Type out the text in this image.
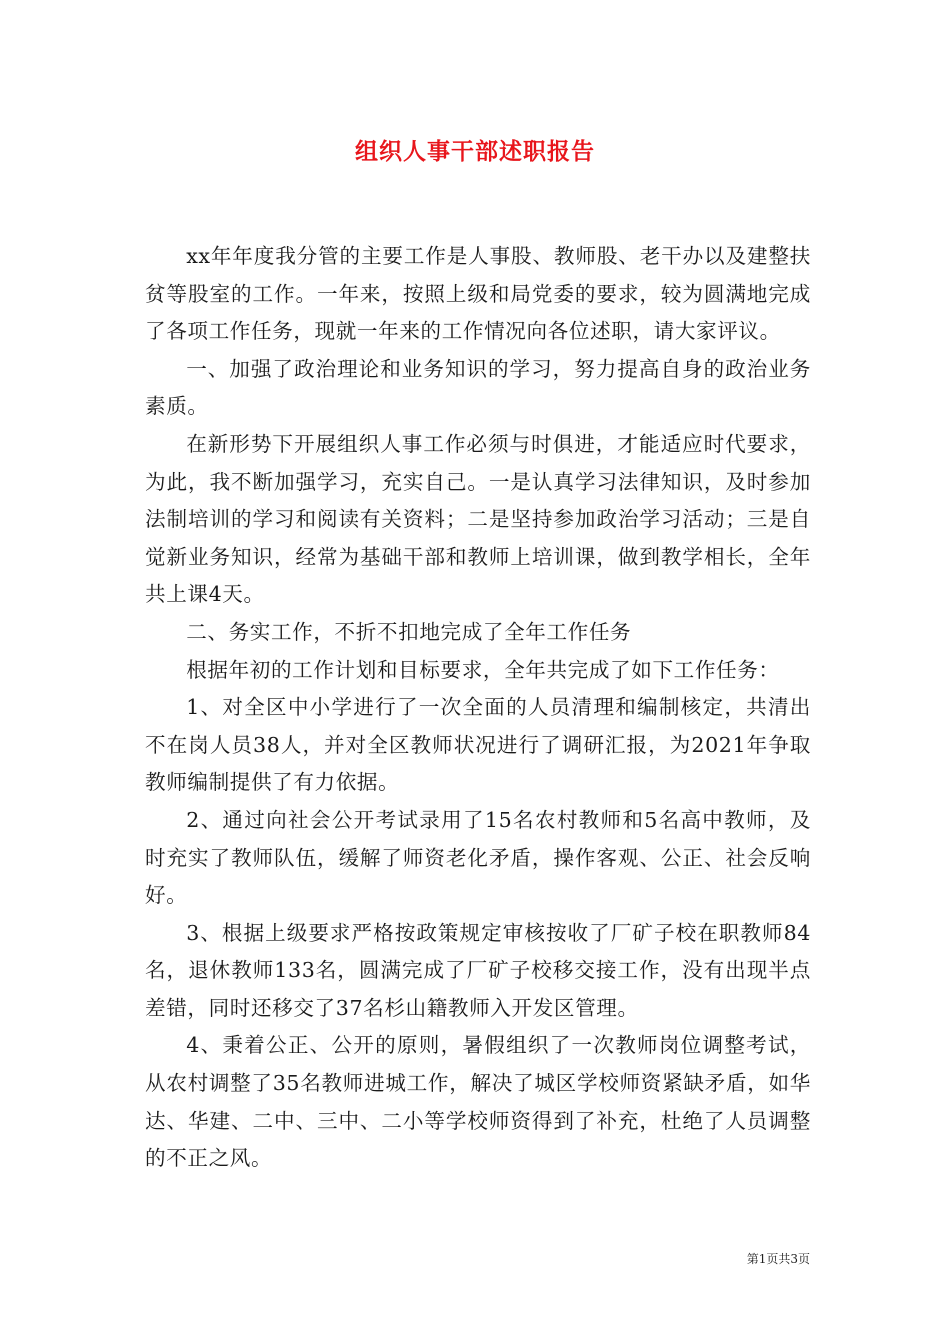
组织人事干部述职报告

xx年年度我分管的主要工作是人事股、教师股、老干办以及建整扶贫等股室的工作。一年来，按照上级和局党委的要求，较为圆满地完成了各项工作任务，现就一年来的工作情况向各位述职，请大家评议。

一、加强了政治理论和业务知识的学习，努力提高自身的政治业务素质。

在新形势下开展组织人事工作必须与时俱进，才能适应时代要求，为此，我不断加强学习，充实自己。一是认真学习法律知识，及时参加法制培训的学习和阅读有关资料；二是坚持参加政治学习活动；三是自觉新业务知识，经常为基础干部和教师上培训课，做到教学相长，全年共上课4天。

二、务实工作，不折不扣地完成了全年工作任务

根据年初的工作计划和目标要求，全年共完成了如下工作任务：

1、对全区中小学进行了一次全面的人员清理和编制核定，共清出不在岗人员38人，并对全区教师状况进行了调研汇报，为2021年争取教师编制提供了有力依据。

2、通过向社会公开考试录用了15名农村教师和5名高中教师，及时充实了教师队伍，缓解了师资老化矛盾，操作客观、公正、社会反响好。

3、根据上级要求严格按政策规定审核按收了厂矿子校在职教师84名，退休教师133名，圆满完成了厂矿子校移交接工作，没有出现半点差错，同时还移交了37名杉山籍教师入开发区管理。

4、秉着公正、公开的原则，暑假组织了一次教师岗位调整考试，从农村调整了35名教师进城工作，解决了城区学校师资紧缺矛盾，如华达、华建、二中、三中、二小等学校师资得到了补充，杜绝了人员调整的不正之风。

第1页共3页
